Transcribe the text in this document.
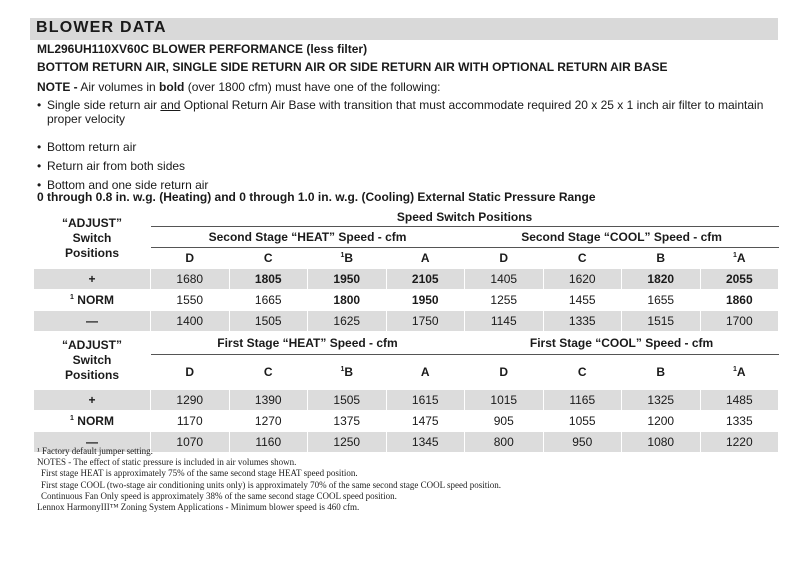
BLOWER DATA
ML296UH110XV60C BLOWER PERFORMANCE (less filter)
BOTTOM RETURN AIR, SINGLE SIDE RETURN AIR OR SIDE RETURN AIR WITH OPTIONAL RETURN AIR BASE
NOTE - Air volumes in bold (over 1800 cfm) must have one of the following:
• Single side return air and Optional Return Air Base with transition that must accommodate required 20 x 25 x 1 inch air filter to maintain proper velocity
• Bottom return air
• Return air from both sides
• Bottom and one side return air
0 through 0.8 in. w.g. (Heating) and 0 through 1.0 in. w.g. (Cooling) External Static Pressure Range
“ADJUST”
Switch
Positions	Speed Switch Positions							
	Second Stage “HEAT” Speed - cfm				Second Stage “COOL” Speed - cfm			
	D	C	$^1$B	A	D	C	B	$^1$A
+	1680	1805	1950	2105	1405	1620	1820	2055
$^1$ NORM	1550	1665	1800	1950	1255	1455	1655	1860
—	1400	1505	1625	1750	1145	1335	1515	1700

“ADJUST”
Switch
Positions	First Stage “HEAT” Speed - cfm				First Stage “COOL” Speed - cfm			
	D	C	$^1$B	A	D	C	B	$^1$A
+	1290	1390	1505	1615	1015	1165	1325	1485
$^1$ NORM	1170	1270	1375	1475	905	1055	1200	1335
—	1070	1160	1250	1345	800	950	1080	1220
¹ Factory default jumper setting.
NOTES - The effect of static pressure is included in air volumes shown.
First stage HEAT is approximately 75% of the same second stage HEAT speed position.
First stage COOL (two-stage air conditioning units only) is approximately 70% of the same second stage COOL speed position.
Continuous Fan Only speed is approximately 38% of the same second stage COOL speed position.
Lennox HarmonyIII™ Zoning System Applications - Minimum blower speed is 460 cfm.
